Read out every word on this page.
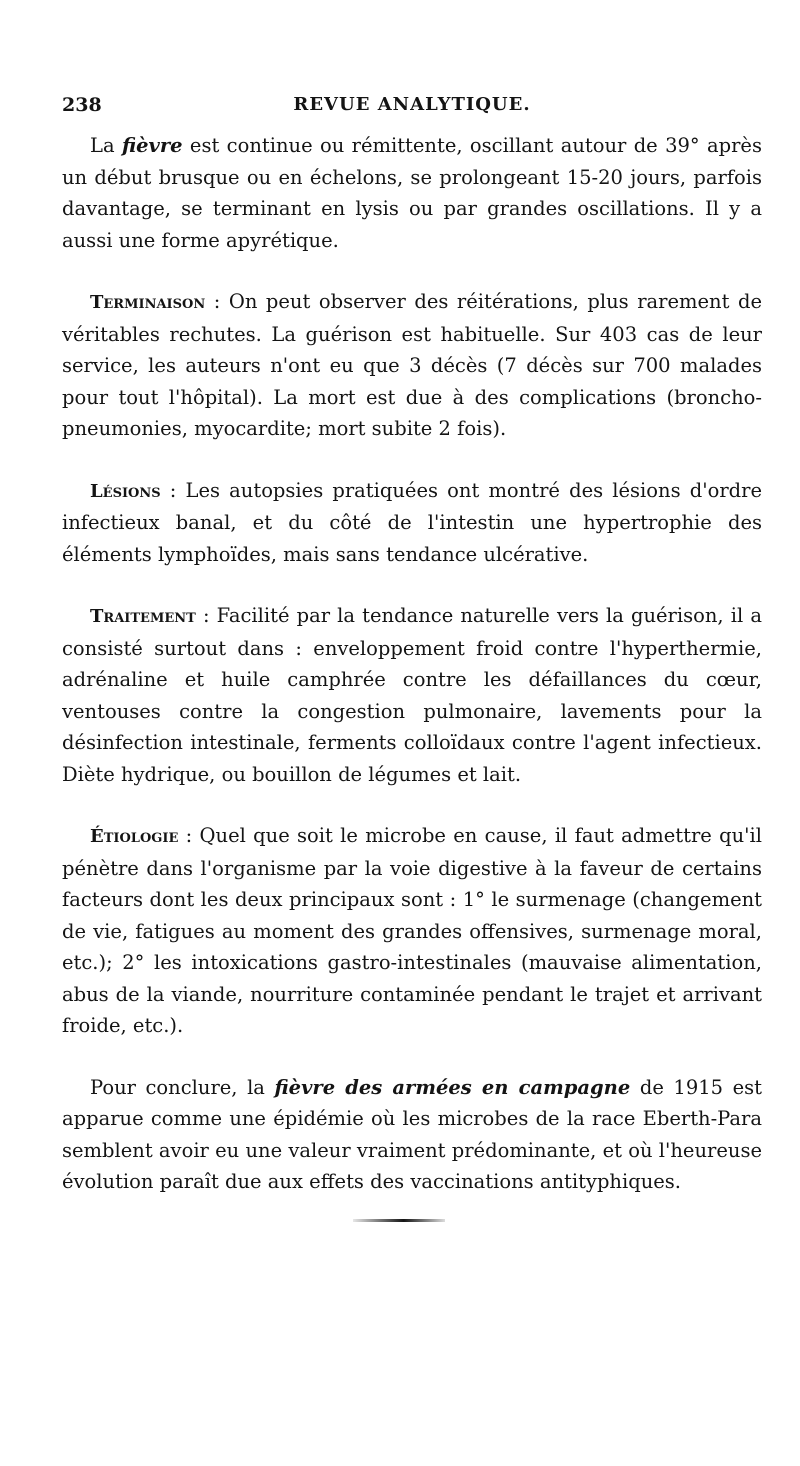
238	REVUE ANALYTIQUE.

La fièvre est continue ou rémittente, oscillant autour de 39° après un début brusque ou en échelons, se prolongeant 15-20 jours, parfois davantage, se terminant en lysis ou par grandes oscillations. Il y a aussi une forme apyrétique.

Terminaison : On peut observer des réitérations, plus rarement de véritables rechutes. La guérison est habituelle. Sur 403 cas de leur service, les auteurs n'ont eu que 3 décès (7 décès sur 700 malades pour tout l'hôpital). La mort est due à des complications (broncho-pneumonies, myocardite; mort subite 2 fois).

Lésions : Les autopsies pratiquées ont montré des lésions d'ordre infectieux banal, et du côté de l'intestin une hypertrophie des éléments lymphoïdes, mais sans tendance ulcérative.

Traitement : Facilité par la tendance naturelle vers la guérison, il a consisté surtout dans : enveloppement froid contre l'hyperthermie, adrénaline et huile camphrée contre les défaillances du cœur, ventouses contre la congestion pulmonaire, lavements pour la désinfection intestinale, ferments colloïdaux contre l'agent infectieux. Diète hydrique, ou bouillon de légumes et lait.

Étiologie : Quel que soit le microbe en cause, il faut admettre qu'il pénètre dans l'organisme par la voie digestive à la faveur de certains facteurs dont les deux principaux sont : 1° le surmenage (changement de vie, fatigues au moment des grandes offensives, surmenage moral, etc.); 2° les intoxications gastro-intestinales (mauvaise alimentation, abus de la viande, nourriture contaminée pendant le trajet et arrivant froide, etc.).

Pour conclure, la fièvre des armées en campagne de 1915 est apparue comme une épidémie où les microbes de la race Eberth-Para semblent avoir eu une valeur vraiment prédominante, et où l'heureuse évolution paraît due aux effets des vaccinations antityphiques.
